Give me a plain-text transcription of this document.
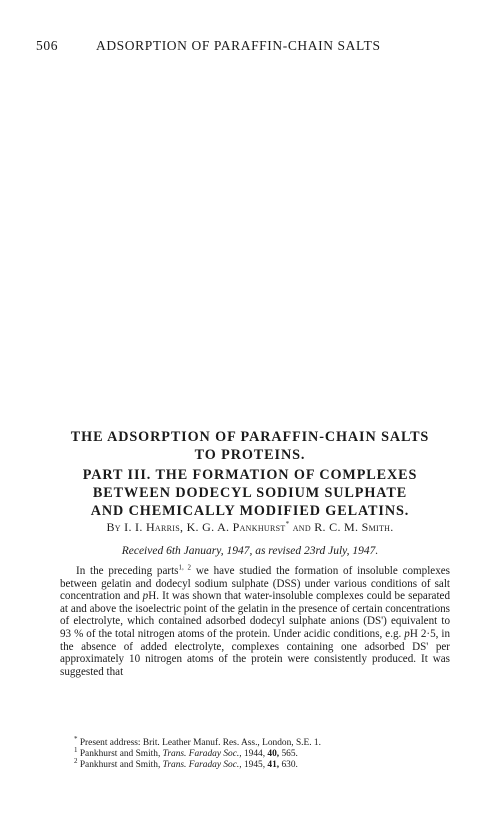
506	ADSORPTION OF PARAFFIN-CHAIN SALTS
THE ADSORPTION OF PARAFFIN-CHAIN SALTS
TO PROTEINS.
PART III. THE FORMATION OF COMPLEXES
BETWEEN DODECYL SODIUM SULPHATE
AND CHEMICALLY MODIFIED GELATINS.
By I. I. Harris, K. G. A. Pankhurst* and R. C. M. Smith.
Received 6th January, 1947, as revised 23rd July, 1947.

In the preceding parts$^{1, 2}$ we have studied the formation of insoluble complexes between gelatin and dodecyl sodium sulphate (DSS) under various conditions of salt concentration and pH. It was shown that water-insoluble complexes could be separated at and above the isoelectric point of the gelatin in the presence of certain concentrations of electrolyte, which contained adsorbed dodecyl sulphate anions (DS') equivalent to 93 % of the total nitrogen atoms of the protein. Under acidic conditions, e.g. pH 2·5, in the absence of added electrolyte, complexes containing one adsorbed DS' per approximately 10 nitrogen atoms of the protein were consistently produced. It was suggested that

* Present address: Brit. Leather Manuf. Res. Ass., London, S.E. 1.
$^1$ Pankhurst and Smith, Trans. Faraday Soc., 1944, 40, 565.
$^2$ Pankhurst and Smith, Trans. Faraday Soc., 1945, 41, 630.
